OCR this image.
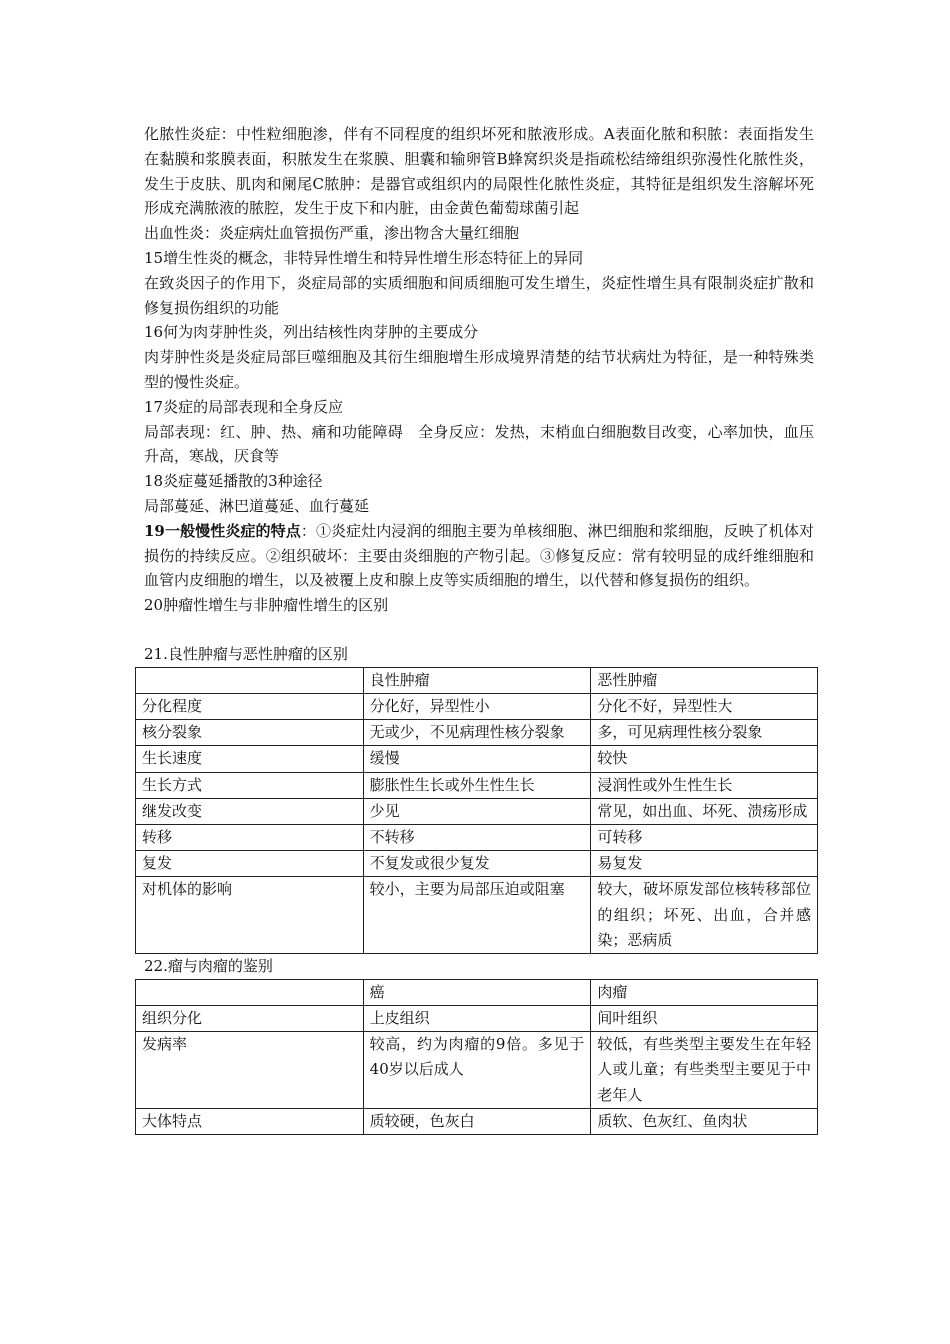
化脓性炎症：中性粒细胞渗，伴有不同程度的组织坏死和脓液形成。A表面化脓和积脓：表面指发生在黏膜和浆膜表面，积脓发生在浆膜、胆囊和输卵管B蜂窝织炎是指疏松结缔组织弥漫性化脓性炎，发生于皮肤、肌肉和阑尾C脓肿：是器官或组织内的局限性化脓性炎症，其特征是组织发生溶解坏死形成充满脓液的脓腔，发生于皮下和内脏，由金黄色葡萄球菌引起

出血性炎：炎症病灶血管损伤严重，渗出物含大量红细胞

15增生性炎的概念，非特异性增生和特异性增生形态特征上的异同

在致炎因子的作用下，炎症局部的实质细胞和间质细胞可发生增生，炎症性增生具有限制炎症扩散和修复损伤组织的功能

16何为肉芽肿性炎，列出结核性肉芽肿的主要成分

肉芽肿性炎是炎症局部巨噬细胞及其衍生细胞增生形成境界清楚的结节状病灶为特征，是一种特殊类型的慢性炎症。

17炎症的局部表现和全身反应

局部表现：红、肿、热、痛和功能障碍　全身反应：发热，末梢血白细胞数目改变，心率加快，血压升高，寒战，厌食等

18炎症蔓延播散的3种途径

局部蔓延、淋巴道蔓延、血行蔓延

19一般慢性炎症的特点：①炎症灶内浸润的细胞主要为单核细胞、淋巴细胞和浆细胞，反映了机体对损伤的持续反应。②组织破坏：主要由炎细胞的产物引起。③修复反应：常有较明显的成纤维细胞和血管内皮细胞的增生，以及被覆上皮和腺上皮等实质细胞的增生，以代替和修复损伤的组织。

20肿瘤性增生与非肿瘤性增生的区别

21.良性肿瘤与恶性肿瘤的区别

	良性肿瘤	恶性肿瘤
分化程度	分化好，异型性小	分化不好，异型性大
核分裂象	无或少，不见病理性核分裂象	多，可见病理性核分裂象
生长速度	缓慢	较快
生长方式	膨胀性生长或外生性生长	浸润性或外生性生长
继发改变	少见	常见，如出血、坏死、溃疡形成
转移	不转移	可转移
复发	不复发或很少复发	易复发
对机体的影响	较小，主要为局部压迫或阻塞	较大，破坏原发部位核转移部位的组织；坏死、出血，合并感染；恶病质

22.瘤与肉瘤的鉴别

	癌	肉瘤
组织分化	上皮组织	间叶组织
发病率	较高，约为肉瘤的9倍。多见于40岁以后成人	较低，有些类型主要发生在年轻人或儿童；有些类型主要见于中老年人
大体特点	质较硬，色灰白	质软、色灰红、鱼肉状
